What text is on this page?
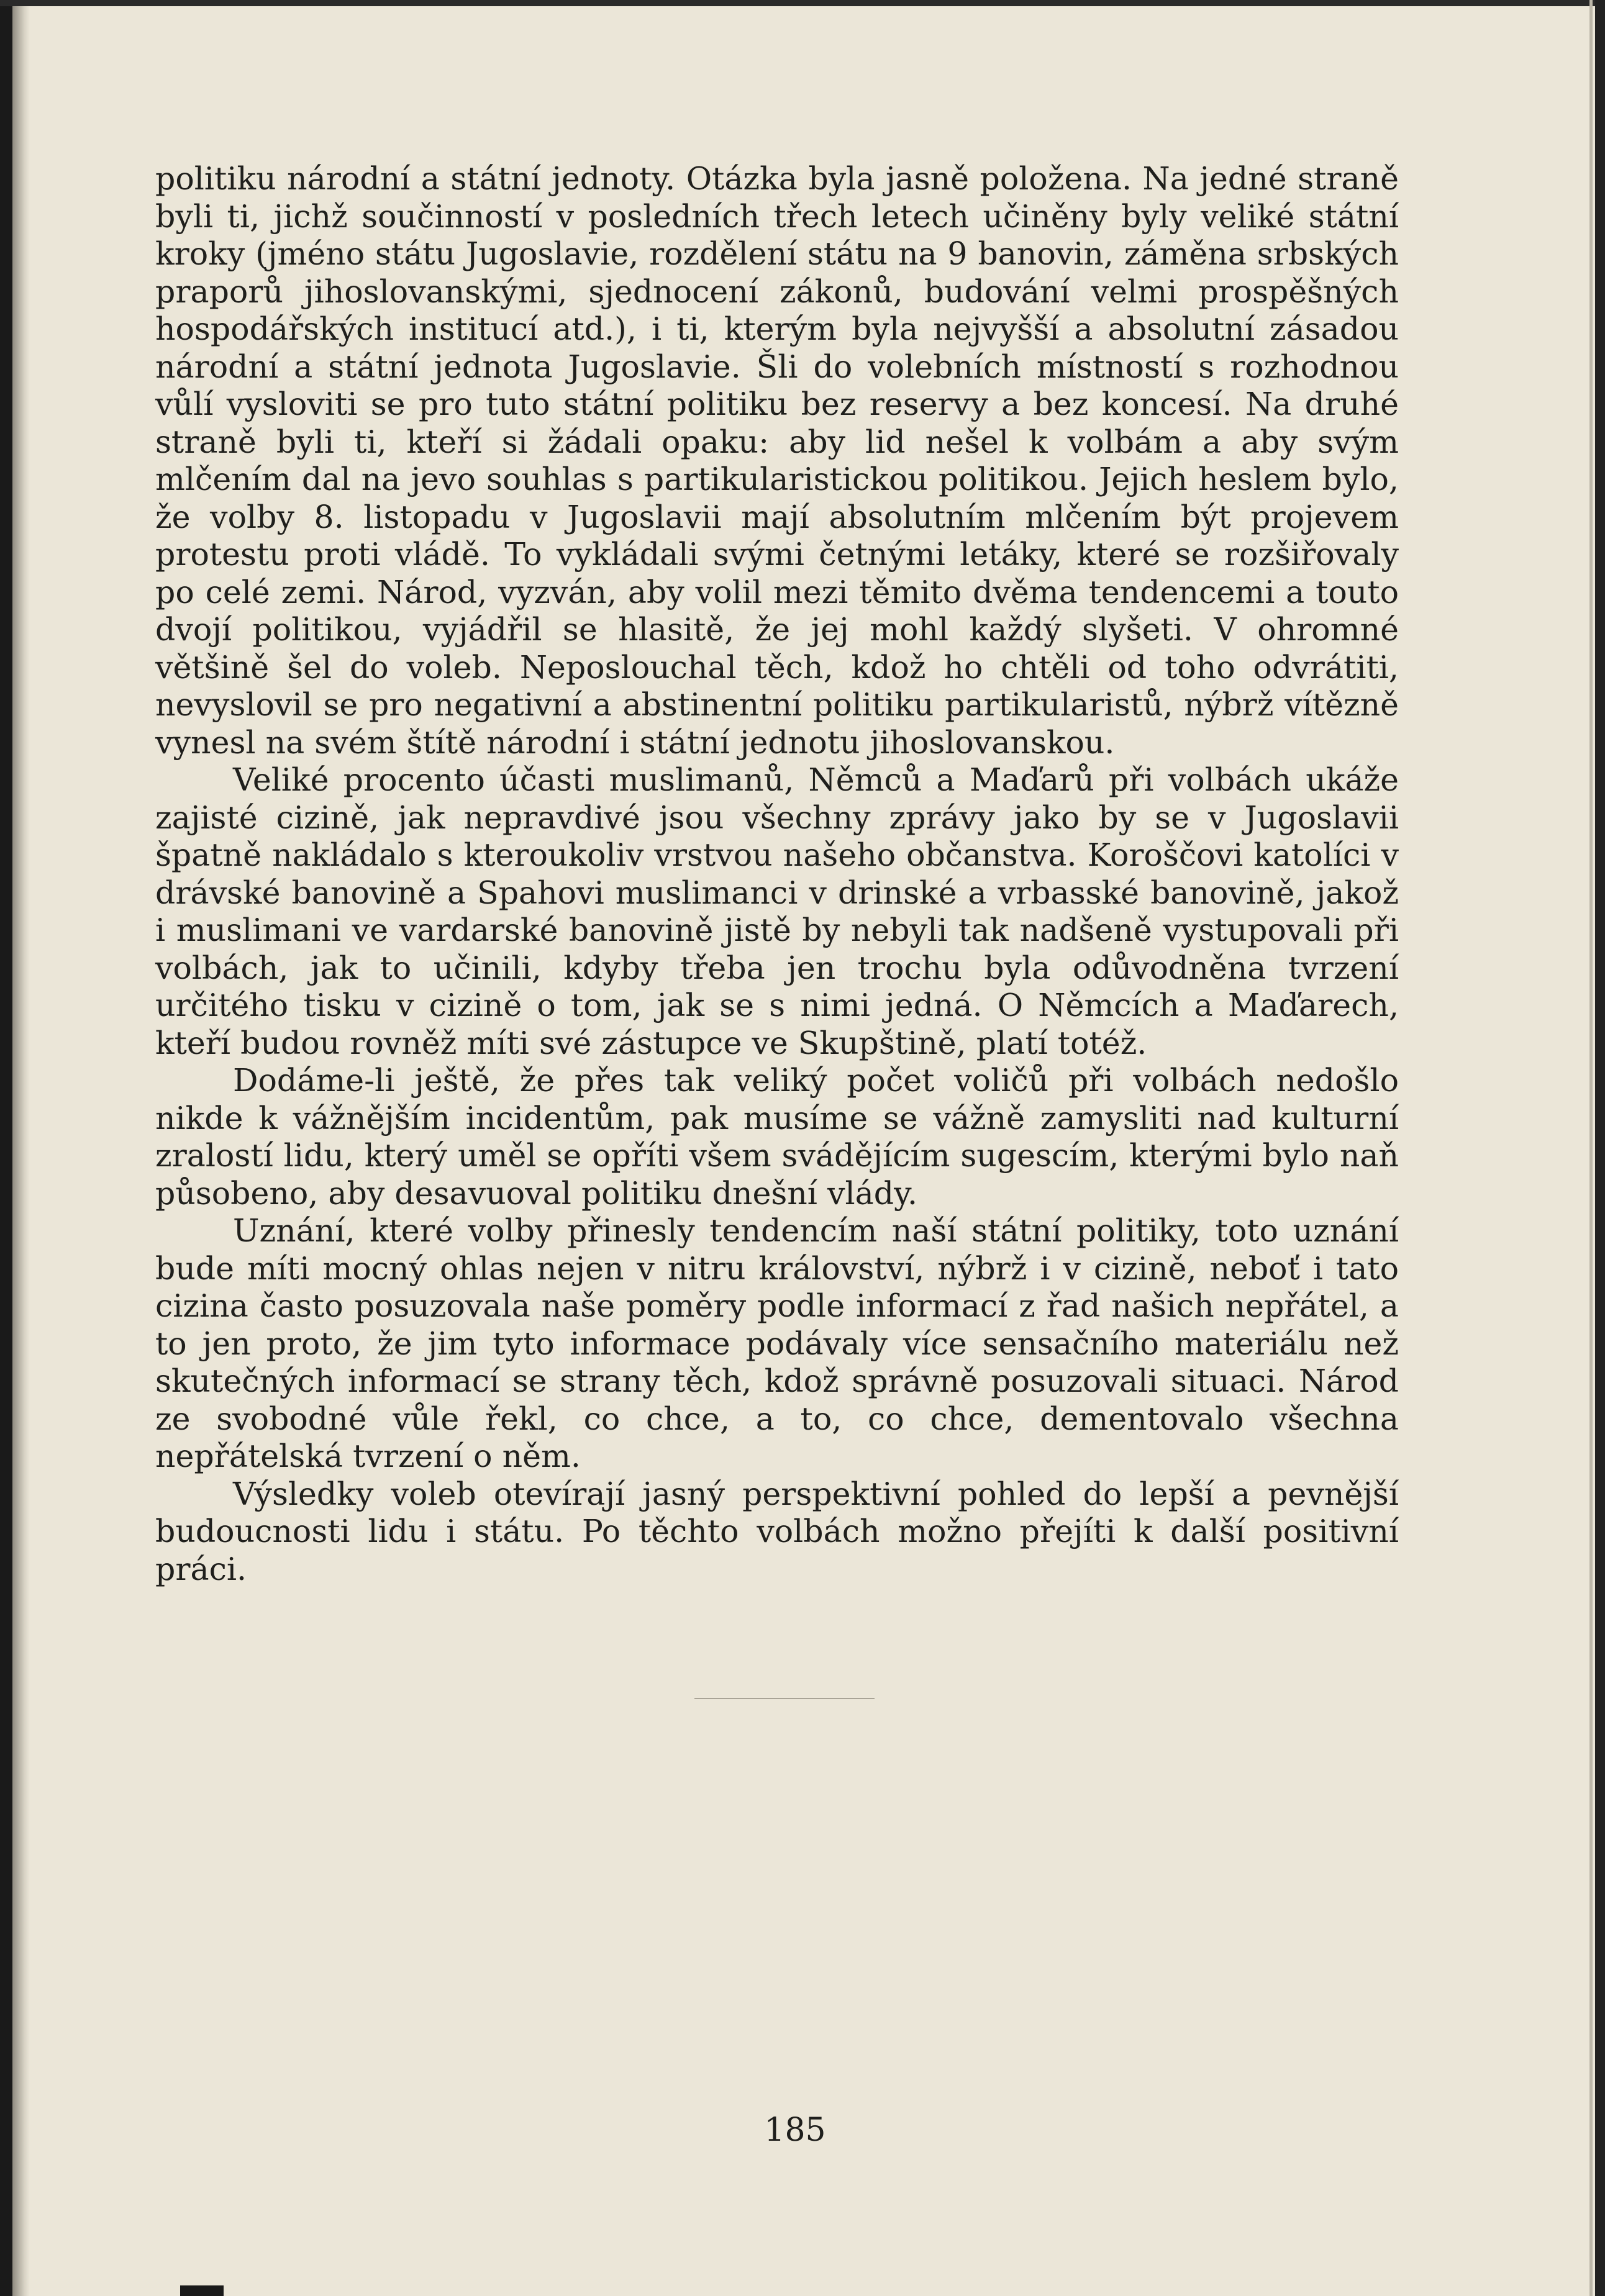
politiku národní a státní jednoty. Otázka byla jasně položena. Na jedné straně byli ti, jichž součinností v posledních třech letech učiněny byly veliké státní kroky (jméno státu Jugoslavie, rozdělení státu na 9 banovin, záměna srbských praporů jihoslovanskými, sjednocení zákonů, budování velmi prospěšných hospodářských institucí atd.), i ti, kterým byla nejvyšší a absolutní zásadou národní a státní jednota Jugoslavie. Šli do volebních místností s rozhodnou vůlí vysloviti se pro tuto státní politiku bez reservy a bez koncesí. Na druhé straně byli ti, kteří si žádali opaku: aby lid nešel k volbám a aby svým mlčením dal na jevo souhlas s partikularistickou politikou. Jejich heslem bylo, že volby 8. listopadu v Jugoslavii mají absolutním mlčením být projevem protestu proti vládě. To vykládali svými četnými letáky, které se rozšiřovaly po celé zemi. Národ, vyzván, aby volil mezi těmito dvěma tendencemi a touto dvojí politikou, vyjádřil se hlasitě, že jej mohl každý slyšeti. V ohromné většině šel do voleb. Neposlouchal těch, kdož ho chtěli od toho odvrátiti, nevyslovil se pro negativní a abstinentní politiku partikularistů, nýbrž vítězně vynesl na svém štítě národní i státní jednotu jihoslovanskou.

Veliké procento účasti muslimanů, Němců a Maďarů při volbách ukáže zajisté cizině, jak nepravdivé jsou všechny zprávy jako by se v Jugoslavii špatně nakládalo s kteroukoliv vrstvou našeho občanstva. Koroščovi katolíci v drávské banovině a Spahovi muslimanci v drinské a vrbasské banovině, jakož i muslimani ve vardarské banovině jistě by nebyli tak nadšeně vystupovali při volbách, jak to učinili, kdyby třeba jen trochu byla odůvodněna tvrzení určitého tisku v cizině o tom, jak se s nimi jedná. O Němcích a Maďarech, kteří budou rovněž míti své zástupce ve Skupštině, platí totéž.

Dodáme-li ještě, že přes tak veliký počet voličů při volbách nedošlo nikde k vážnějším incidentům, pak musíme se vážně zamysliti nad kulturní zralostí lidu, který uměl se opříti všem svádějícím sugescím, kterými bylo naň působeno, aby desavuoval politiku dnešní vlády.

Uznání, které volby přinesly tendencím naší státní politiky, toto uznání bude míti mocný ohlas nejen v nitru království, nýbrž i v cizině, neboť i tato cizina často posuzovala naše poměry podle informací z řad našich nepřátel, a to jen proto, že jim tyto informace podávaly více sensačního materiálu než skutečných informací se strany těch, kdož správně posuzovali situaci. Národ ze svobodné vůle řekl, co chce, a to, co chce, dementovalo všechna nepřátelská tvrzení o něm.

Výsledky voleb otevírají jasný perspektivní pohled do lepší a pevnější budoucnosti lidu i státu. Po těchto volbách možno přejíti k další positivní práci.

185
